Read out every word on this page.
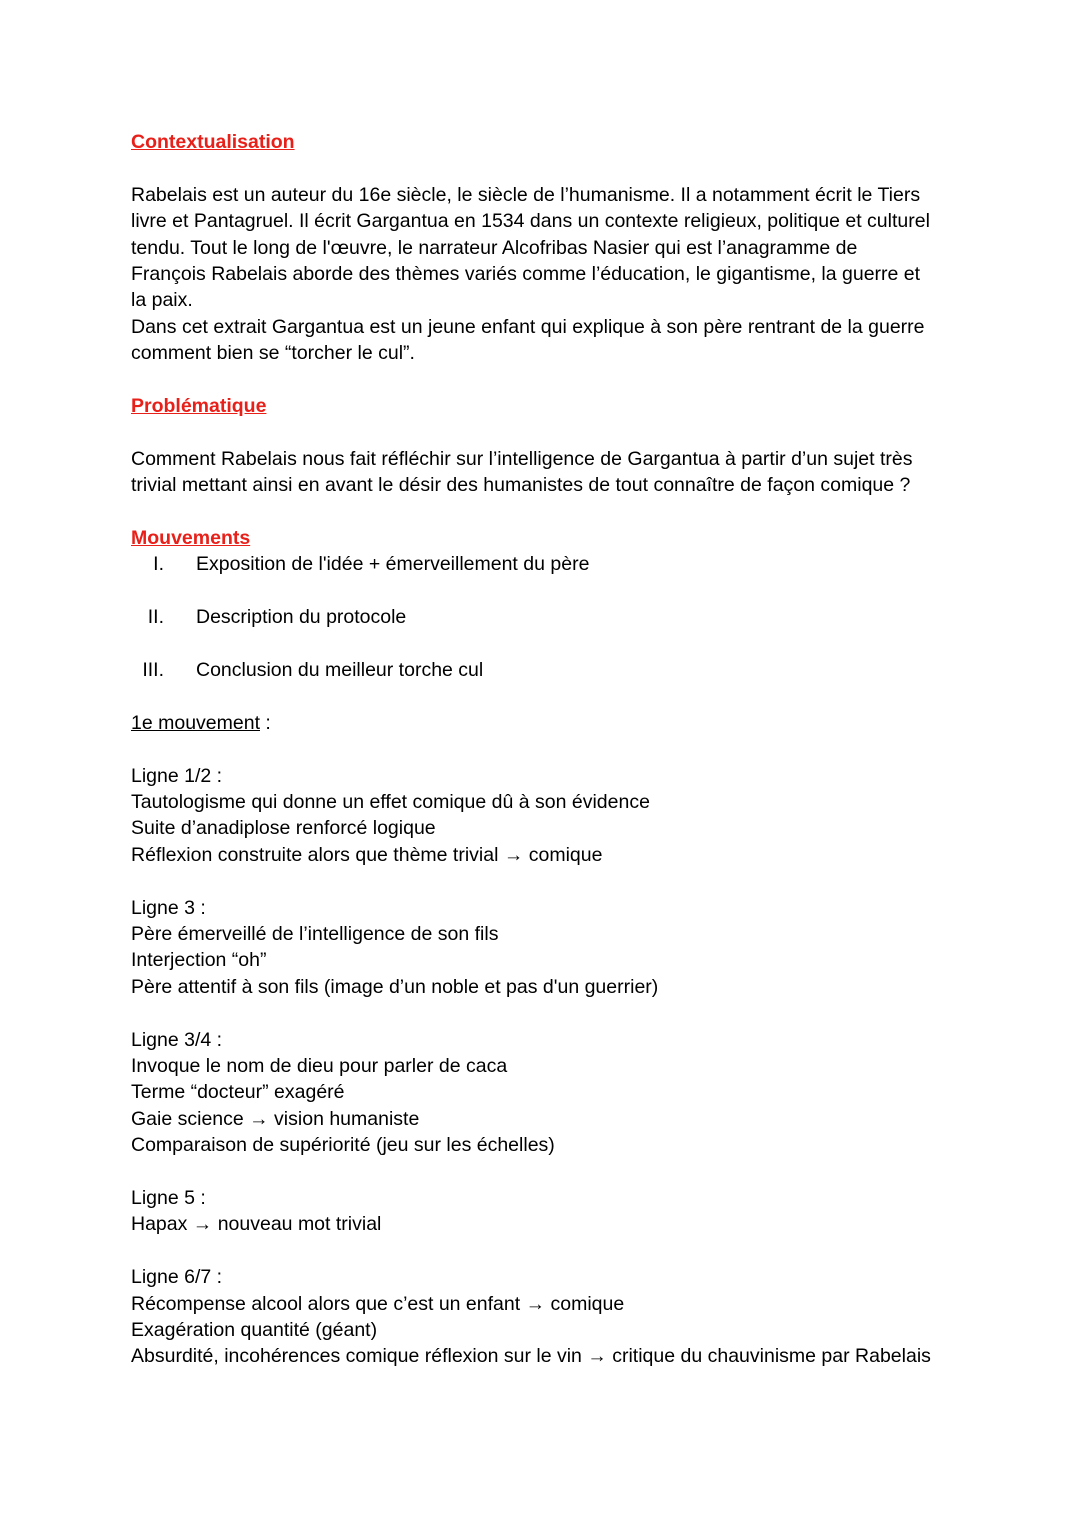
Contextualisation

Rabelais est un auteur du 16e siècle, le siècle de l’humanisme. Il a notamment écrit le Tiers

livre et Pantagruel. Il écrit Gargantua en 1534 dans un contexte religieux, politique et culturel

tendu. Tout le long de l'œuvre, le narrateur Alcofribas Nasier qui est l’anagramme de

François Rabelais aborde des thèmes variés comme l’éducation, le gigantisme, la guerre et

la paix.

Dans cet extrait Gargantua est un jeune enfant qui explique à son père rentrant de la guerre

comment bien se “torcher le cul”.

Problématique

Comment Rabelais nous fait réfléchir sur l’intelligence de Gargantua à partir d’un sujet très

trivial mettant ainsi en avant le désir des humanistes de tout connaître de façon comique ?

Mouvements

I. Exposition de l'idée + émerveillement du père
II. Description du protocole
III. Conclusion du meilleur torche cul

1e mouvement :

Ligne 1/2 :

Tautologisme qui donne un effet comique dû à son évidence

Suite d’anadiplose renforcé logique

Réflexion construite alors que thème trivial → comique

Ligne 3 :

Père émerveillé de l’intelligence de son fils

Interjection “oh”

Père attentif à son fils (image d’un noble et pas d'un guerrier)

Ligne 3/4 :

Invoque le nom de dieu pour parler de caca

Terme “docteur” exagéré

Gaie science → vision humaniste

Comparaison de supériorité (jeu sur les échelles)

Ligne 5 :

Hapax → nouveau mot trivial

Ligne 6/7 :

Récompense alcool alors que c’est un enfant → comique

Exagération quantité (géant)

Absurdité, incohérences comique réflexion sur le vin → critique du chauvinisme par Rabelais
